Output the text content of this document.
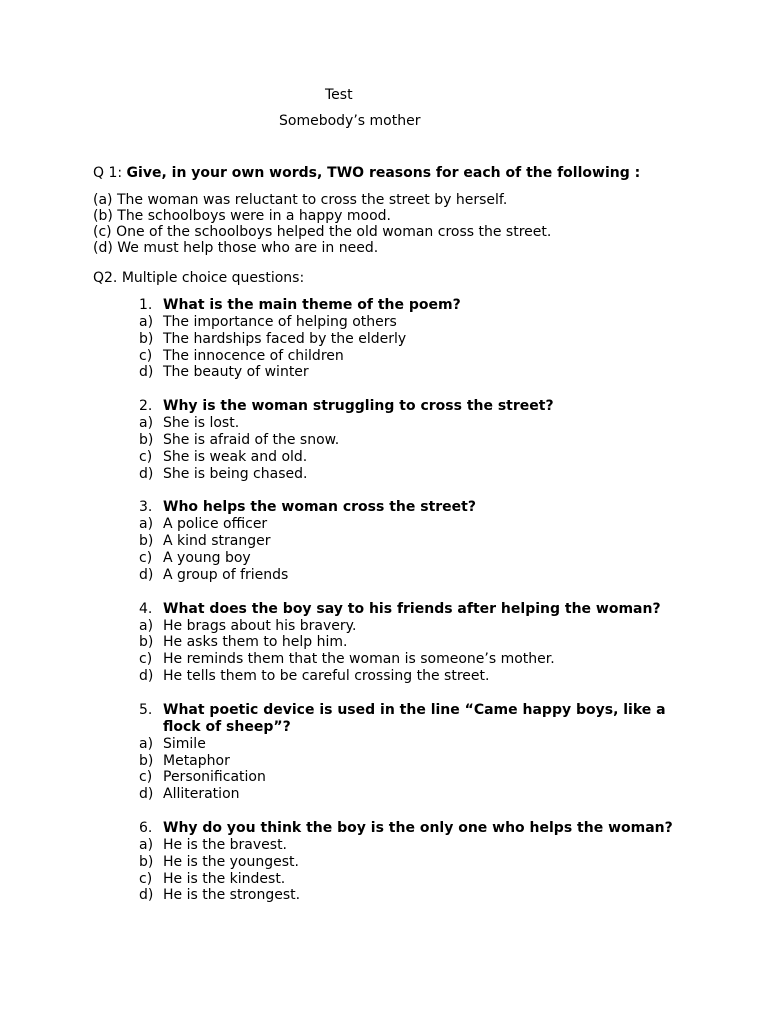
Test
Somebody’s mother
Q 1: Give, in your own words, TWO reasons for each of the following :
(a) The woman was reluctant to cross the street by herself.
(b) The schoolboys were in a happy mood.
(c) One of the schoolboys helped the old woman cross the street.
(d) We must help those who are in need.
Q2. Multiple choice questions:
1. What is the main theme of the poem?
a) The importance of helping others
b) The hardships faced by the elderly
c) The innocence of children
d) The beauty of winter
2. Why is the woman struggling to cross the street?
a) She is lost.
b) She is afraid of the snow.
c) She is weak and old.
d) She is being chased.
3. Who helps the woman cross the street?
a) A police officer
b) A kind stranger
c) A young boy
d) A group of friends
4. What does the boy say to his friends after helping the woman?
a) He brags about his bravery.
b) He asks them to help him.
c) He reminds them that the woman is someone’s mother.
d) He tells them to be careful crossing the street.
5. What poetic device is used in the line “Came happy boys, like a flock of sheep”?
a) Simile
b) Metaphor
c) Personification
d) Alliteration
6. Why do you think the boy is the only one who helps the woman?
a) He is the bravest.
b) He is the youngest.
c) He is the kindest.
d) He is the strongest.
